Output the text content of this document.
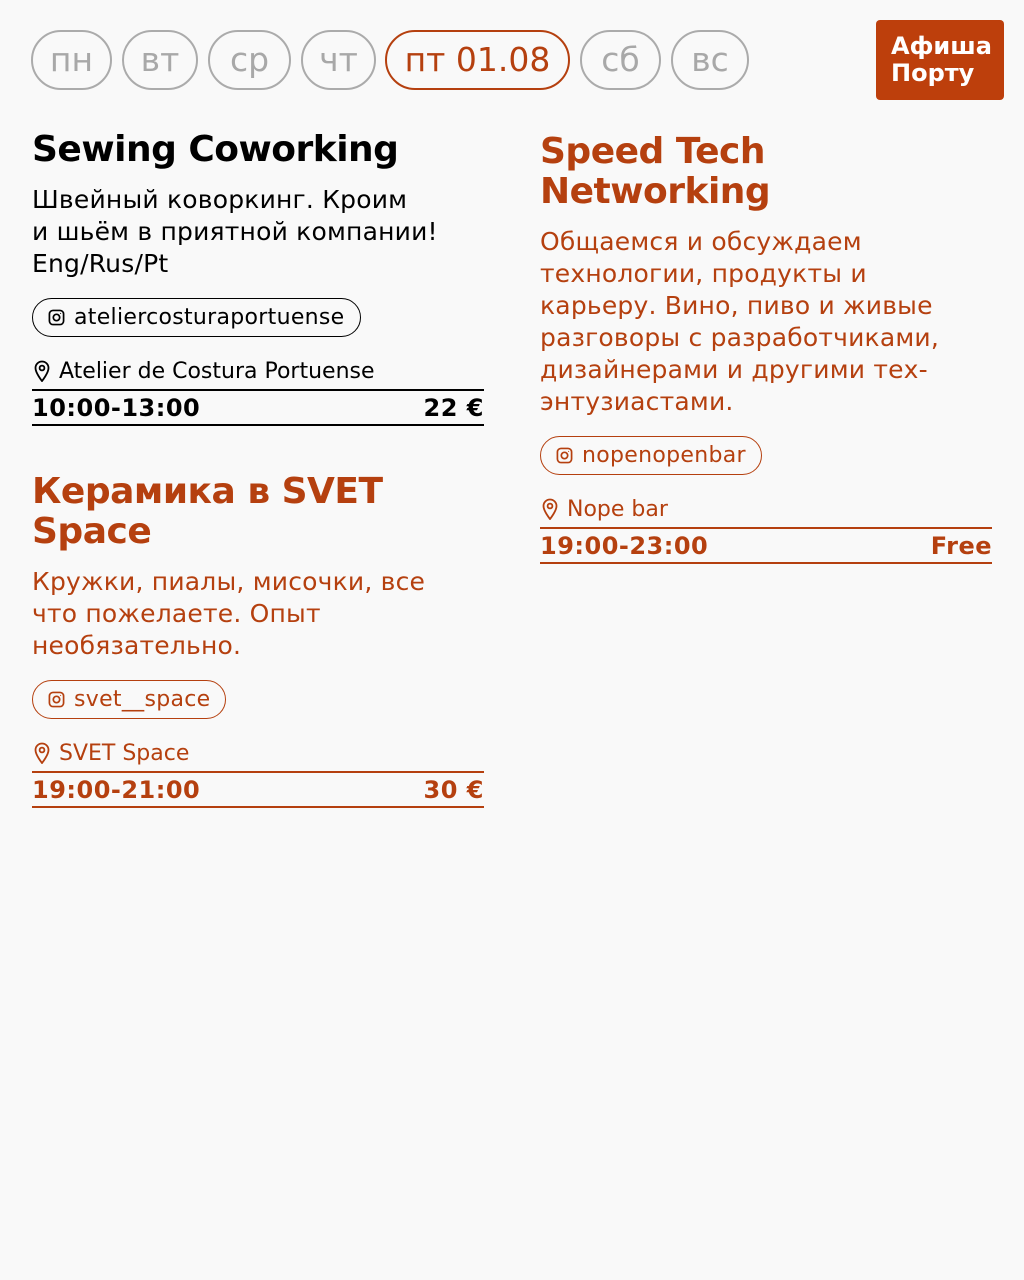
пн	вт	ср	чт	пт 01.08	сб	вс	Афиша
Порту
Sewing Coworking

Швейный коворкинг. Кроим
и шьём в приятной компании!
Eng/Rus/Pt

ateliercosturaportuense
Atelier de Costura Portuense
10:00-13:00	22 €
Керамика в SVET
Space

Кружки, пиалы, мисочки, все
что пожелаете. Опыт
необязательно.

svet__space
SVET Space
19:00-21:00	30 €
Speed Tech
Networking

Общаемся и обсуждаем
технологии, продукты и
карьеру. Вино, пиво и живые
разговоры с разработчиками,
дизайнерами и другими тех-
энтузиастами.

nopenopenbar
Nope bar
19:00-23:00	Free
